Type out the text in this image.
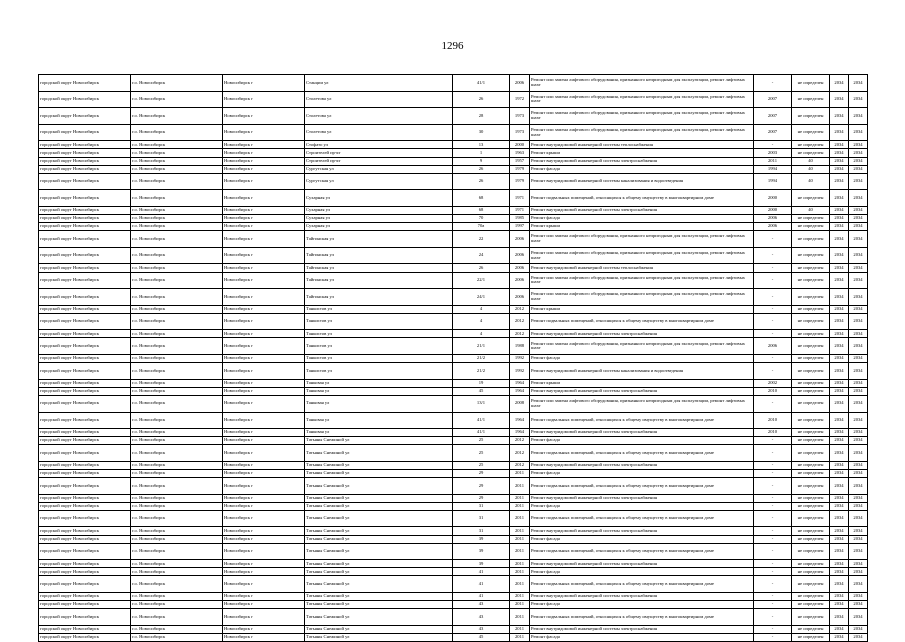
1296
городской округ Новосибирск	г.о. Новосибирск	Новосибирск г	Станции ул	41/1	2006	Ремонт или замена лифтового оборудования, признанного непригодным для эксплуатации, ремонт лифтовых шахт	-	не определен	2034	2034
городской округ Новосибирск	г.о. Новосибирск	Новосибирск г	Столетова ул	26	1972	Ремонт или замена лифтового оборудования, признанного непригодным для эксплуатации, ремонт лифтовых шахт	2007	не определен	2034	2034
городской округ Новосибирск	г.о. Новосибирск	Новосибирск г	Столетова ул	28	1973	Ремонт или замена лифтового оборудования, признанного непригодным для эксплуатации, ремонт лифтовых шахт	2007	не определен	2034	2034
городской округ Новосибирск	г.о. Новосибирск	Новосибирск г	Столетова ул	30	1973	Ремонт или замена лифтового оборудования, признанного непригодным для эксплуатации, ремонт лифтовых шахт	2007	не определен	2034	2034
городской округ Новосибирск	г.о. Новосибирск	Новосибирск г	Стофато ул	13	2000	Ремонт внутридомовой инженерной системы теплоснабжения	-	не определен	2034	2034
городской округ Новосибирск	г.о. Новосибирск	Новосибирск г	Строителей пр-кт	1	1963	Ремонт крыши	2003	не определен	2034	2034
городской округ Новосибирск	г.о. Новосибирск	Новосибирск г	Строителей пр-кт	9	1957	Ремонт внутридомовой инженерной системы электроснабжения	2011	40	2034	2034
городской округ Новосибирск	г.о. Новосибирск	Новосибирск г	Сургутская ул	26	1979	Ремонт фасада	1994	40	2034	2034
городской округ Новосибирск	г.о. Новосибирск	Новосибирск г	Сургутская ул	26	1979	Ремонт внутридомовой инженерной системы канализования и водоотведения	1994	40	2034	2034
городской округ Новосибирск	г.о. Новосибирск	Новосибирск г	Сухарная ул	68	1971	Ремонт подвальных помещений, относящихся к общему имуществу в многоквартирном доме	2000	не определен	2034	2034
городской округ Новосибирск	г.о. Новосибирск	Новосибирск г	Сухарная ул	68	1971	Ремонт внутридомовой инженерной системы электроснабжения	2000	40	2034	2034
городской округ Новосибирск	г.о. Новосибирск	Новосибирск г	Сухарная ул	70	1985	Ремонт фасада	2006	не определен	2034	2034
городской округ Новосибирск	г.о. Новосибирск	Новосибирск г	Сухарная ул	70а	1997	Ремонт крыши	2006	не определен	2034	2034
городской округ Новосибирск	г.о. Новосибирск	Новосибирск г	Тайгинская ул	22	2006	Ремонт или замена лифтового оборудования, признанного непригодным для эксплуатации, ремонт лифтовых шахт	-	не определен	2034	2034
городской округ Новосибирск	г.о. Новосибирск	Новосибирск г	Тайгинская ул	24	2006	Ремонт или замена лифтового оборудования, признанного непригодным для эксплуатации, ремонт лифтовых шахт	-	не определен	2034	2034
городской округ Новосибирск	г.о. Новосибирск	Новосибирск г	Тайгинская ул	26	2006	Ремонт внутридомовой инженерной системы теплоснабжения	-	не определен	2034	2034
городской округ Новосибирск	г.о. Новосибирск	Новосибирск г	Тайгинская ул	22/1	2006	Ремонт или замена лифтового оборудования, признанного непригодным для эксплуатации, ремонт лифтовых шахт	-	не определен	2034	2034
городской округ Новосибирск	г.о. Новосибирск	Новосибирск г	Тайгинская ул	24/1	2006	Ремонт или замена лифтового оборудования, признанного непригодным для эксплуатации, ремонт лифтовых шахт	-	не определен	2034	2034
городской округ Новосибирск	г.о. Новосибирск	Новосибирск г	Танкистов ул	4	2012	Ремонт крыши	-	не определен	2034	2034
городской округ Новосибирск	г.о. Новосибирск	Новосибирск г	Танкистов ул	4	2012	Ремонт подвальных помещений, относящихся к общему имуществу в многоквартирном доме	-	не определен	2034	2034
городской округ Новосибирск	г.о. Новосибирск	Новосибирск г	Танкистов ул	4	2012	Ремонт внутридомовой инженерной системы электроснабжения	-	не определен	2034	2034
городской округ Новосибирск	г.о. Новосибирск	Новосибирск г	Танкистов ул	21/1	1988	Ремонт или замена лифтового оборудования, признанного непригодным для эксплуатации, ремонт лифтовых шахт	2006	не определен	2034	2034
городской округ Новосибирск	г.о. Новосибирск	Новосибирск г	Танкистов ул	21/2	1992	Ремонт фасада	-	не определен	2034	2034
городской округ Новосибирск	г.о. Новосибирск	Новосибирск г	Танкистов ул	21/2	1992	Ремонт внутридомовой инженерной системы канализования и водоотведения	-	не определен	2034	2034
городской округ Новосибирск	г.о. Новосибирск	Новосибирск г	Танковая ул	19	1964	Ремонт крыши	2002	не определен	2034	2034
городской округ Новосибирск	г.о. Новосибирск	Новосибирск г	Танковая ул	45	1964	Ремонт внутридомовой инженерной системы электроснабжения	2010	не определен	2034	2034
городской округ Новосибирск	г.о. Новосибирск	Новосибирск г	Танковая ул	13/1	2008	Ремонт или замена лифтового оборудования, признанного непригодным для эксплуатации, ремонт лифтовых шахт	-	не определен	2034	2034
городской округ Новосибирск	г.о. Новосибирск	Новосибирск г	Танковая ул	41/1	1964	Ремонт подвальных помещений, относящихся к общему имуществу в многоквартирном доме	2010	не определен	2034	2034
городской округ Новосибирск	г.о. Новосибирск	Новосибирск г	Танковая ул	41/1	1964	Ремонт внутридомовой инженерной системы электроснабжения	2010	не определен	2034	2034
городской округ Новосибирск	г.о. Новосибирск	Новосибирск г	Татьяны Снежиной ул	25	2012	Ремонт фасада	-	не определен	2034	2034
городской округ Новосибирск	г.о. Новосибирск	Новосибирск г	Татьяны Снежиной ул	25	2012	Ремонт подвальных помещений, относящихся к общему имуществу в многоквартирном доме	-	не определен	2034	2034
городской округ Новосибирск	г.о. Новосибирск	Новосибирск г	Татьяны Снежиной ул	25	2012	Ремонт внутридомовой инженерной системы электроснабжения	-	не определен	2034	2034
городской округ Новосибирск	г.о. Новосибирск	Новосибирск г	Татьяны Снежиной ул	29	2011	Ремонт фасада	-	не определен	2034	2034
городской округ Новосибирск	г.о. Новосибирск	Новосибирск г	Татьяны Снежиной ул	29	2011	Ремонт подвальных помещений, относящихся к общему имуществу в многоквартирном доме	-	не определен	2034	2034
городской округ Новосибирск	г.о. Новосибирск	Новосибирск г	Татьяны Снежиной ул	29	2011	Ремонт внутридомовой инженерной системы электроснабжения	-	не определен	2034	2034
городской округ Новосибирск	г.о. Новосибирск	Новосибирск г	Татьяны Снежиной ул	31	2011	Ремонт фасада	-	не определен	2034	2034
городской округ Новосибирск	г.о. Новосибирск	Новосибирск г	Татьяны Снежиной ул	31	2011	Ремонт подвальных помещений, относящихся к общему имуществу в многоквартирном доме	-	не определен	2034	2034
городской округ Новосибирск	г.о. Новосибирск	Новосибирск г	Татьяны Снежиной ул	31	2011	Ремонт внутридомовой инженерной системы электроснабжения	-	не определен	2034	2034
городской округ Новосибирск	г.о. Новосибирск	Новосибирск г	Татьяны Снежиной ул	39	2011	Ремонт фасада	-	не определен	2034	2034
городской округ Новосибирск	г.о. Новосибирск	Новосибирск г	Татьяны Снежиной ул	39	2011	Ремонт подвальных помещений, относящихся к общему имуществу в многоквартирном доме	-	не определен	2034	2034
городской округ Новосибирск	г.о. Новосибирск	Новосибирск г	Татьяны Снежиной ул	39	2011	Ремонт внутридомовой инженерной системы электроснабжения	-	не определен	2034	2034
городской округ Новосибирск	г.о. Новосибирск	Новосибирск г	Татьяны Снежиной ул	41	2011	Ремонт фасада	-	не определен	2034	2034
городской округ Новосибирск	г.о. Новосибирск	Новосибирск г	Татьяны Снежиной ул	41	2011	Ремонт подвальных помещений, относящихся к общему имуществу в многоквартирном доме	-	не определен	2034	2034
городской округ Новосибирск	г.о. Новосибирск	Новосибирск г	Татьяны Снежиной ул	41	2011	Ремонт внутридомовой инженерной системы электроснабжения	-	не определен	2034	2034
городской округ Новосибирск	г.о. Новосибирск	Новосибирск г	Татьяны Снежиной ул	43	2011	Ремонт фасада	-	не определен	2034	2034
городской округ Новосибирск	г.о. Новосибирск	Новосибирск г	Татьяны Снежиной ул	43	2011	Ремонт подвальных помещений, относящихся к общему имуществу в многоквартирном доме	-	не определен	2034	2034
городской округ Новосибирск	г.о. Новосибирск	Новосибирск г	Татьяны Снежиной ул	43	2011	Ремонт внутридомовой инженерной системы электроснабжения	-	не определен	2034	2034
городской округ Новосибирск	г.о. Новосибирск	Новосибирск г	Татьяны Снежиной ул	45	2011	Ремонт фасада	-	не определен	2034	2034
